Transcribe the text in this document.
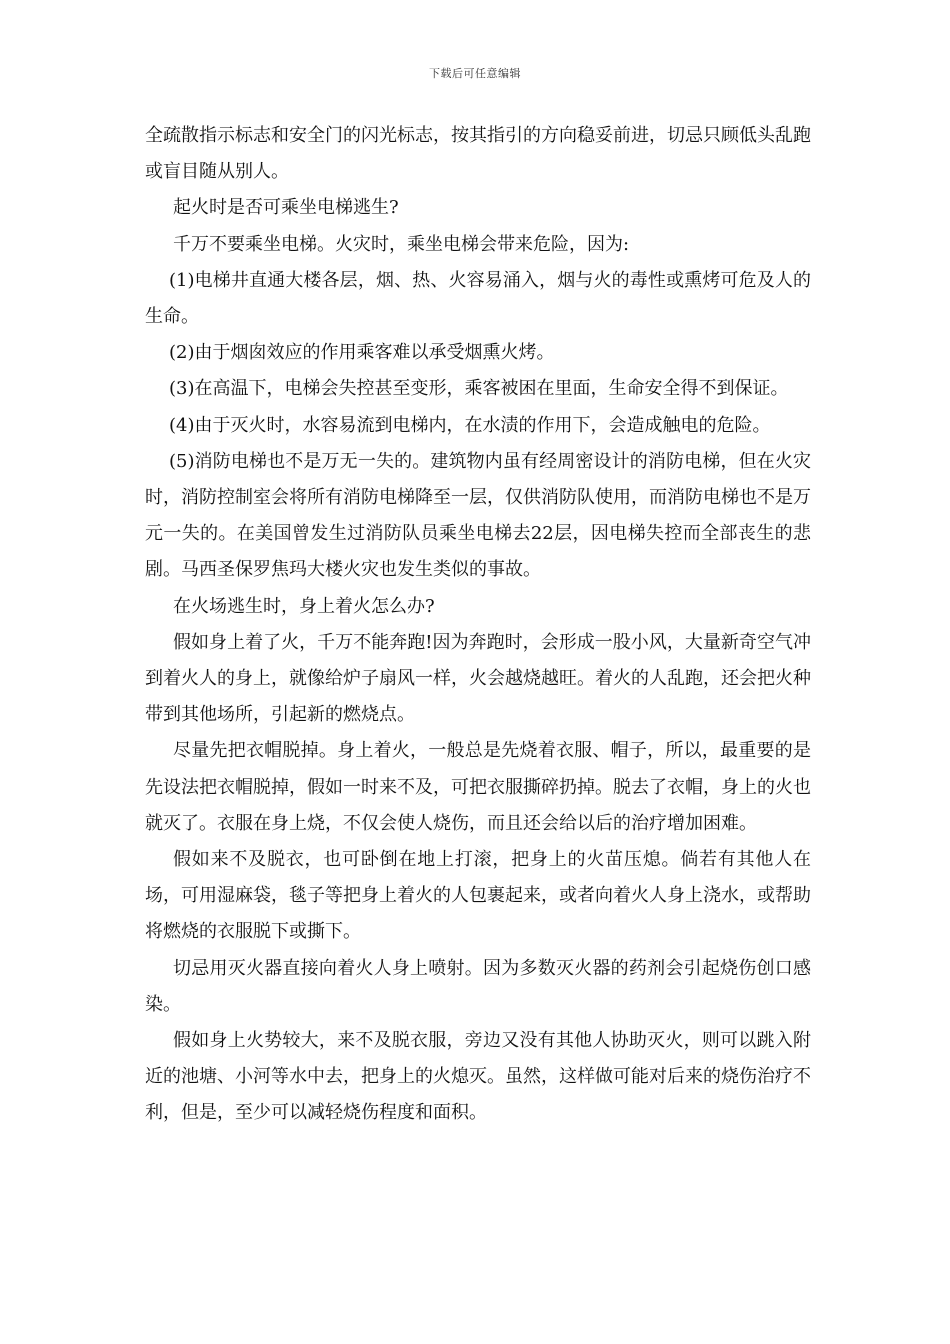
下载后可任意编辑

全疏散指示标志和安全门的闪光标志，按其指引的方向稳妥前进，切忌只顾低头乱跑或盲目随从别人。

起火时是否可乘坐电梯逃生?

千万不要乘坐电梯。火灾时，乘坐电梯会带来危险，因为:

(1)电梯井直通大楼各层，烟、热、火容易涌入，烟与火的毒性或熏烤可危及人的生命。

(2)由于烟囱效应的作用乘客难以承受烟熏火烤。

(3)在高温下，电梯会失控甚至变形，乘客被困在里面，生命安全得不到保证。

(4)由于灭火时，水容易流到电梯内，在水渍的作用下，会造成触电的危险。

(5)消防电梯也不是万无一失的。建筑物内虽有经周密设计的消防电梯，但在火灾时，消防控制室会将所有消防电梯降至一层，仅供消防队使用，而消防电梯也不是万元一失的。在美国曾发生过消防队员乘坐电梯去22层，因电梯失控而全部丧生的悲剧。马西圣保罗焦玛大楼火灾也发生类似的事故。

在火场逃生时，身上着火怎么办?

假如身上着了火，千万不能奔跑!因为奔跑时，会形成一股小风，大量新奇空气冲到着火人的身上，就像给炉子扇风一样，火会越烧越旺。着火的人乱跑，还会把火种带到其他场所，引起新的燃烧点。

尽量先把衣帽脱掉。身上着火，一般总是先烧着衣服、帽子，所以，最重要的是先设法把衣帽脱掉，假如一时来不及，可把衣服撕碎扔掉。脱去了衣帽，身上的火也就灭了。衣服在身上烧，不仅会使人烧伤，而且还会给以后的治疗增加困难。

假如来不及脱衣，也可卧倒在地上打滚，把身上的火苗压熄。倘若有其他人在场，可用湿麻袋，毯子等把身上着火的人包裹起来，或者向着火人身上浇水，或帮助将燃烧的衣服脱下或撕下。

切忌用灭火器直接向着火人身上喷射。因为多数灭火器的药剂会引起烧伤创口感染。

假如身上火势较大，来不及脱衣服，旁边又没有其他人协助灭火，则可以跳入附近的池塘、小河等水中去，把身上的火熄灭。虽然，这样做可能对后来的烧伤治疗不利，但是，至少可以减轻烧伤程度和面积。
